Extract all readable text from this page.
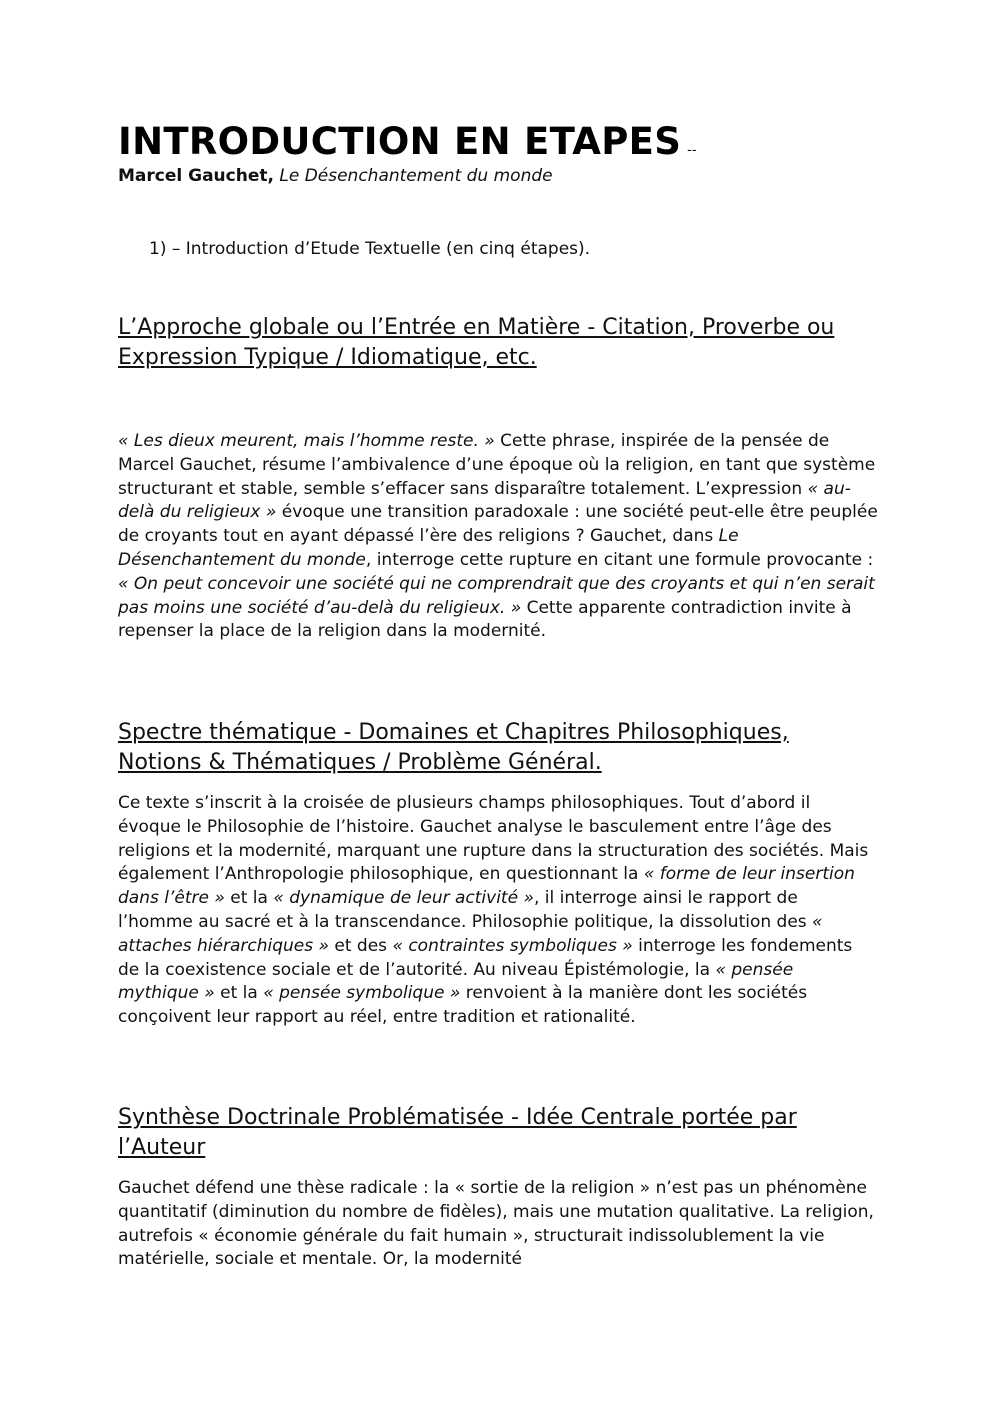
INTRODUCTION EN ETAPES --
Marcel Gauchet, Le Désenchantement du monde
1) – Introduction d’Etude Textuelle (en cinq étapes).
L’Approche globale ou l’Entrée en Matière - Citation, Proverbe ou Expression Typique / Idiomatique, etc.
« Les dieux meurent, mais l’homme reste. » Cette phrase, inspirée de la pensée de Marcel Gauchet, résume l’ambivalence d’une époque où la religion, en tant que système structurant et stable, semble s’effacer sans disparaître totalement. L’expression « au-delà du religieux » évoque une transition paradoxale : une société peut-elle être peuplée de croyants tout en ayant dépassé l’ère des religions ? Gauchet, dans Le Désenchantement du monde, interroge cette rupture en citant une formule provocante : « On peut concevoir une société qui ne comprendrait que des croyants et qui n’en serait pas moins une société d’au-delà du religieux. » Cette apparente contradiction invite à repenser la place de la religion dans la modernité.
Spectre thématique - Domaines et Chapitres Philosophiques, Notions & Thématiques / Problème Général.
Ce texte s’inscrit à la croisée de plusieurs champs philosophiques. Tout d’abord il évoque le Philosophie de l’histoire. Gauchet analyse le basculement entre l’âge des religions et la modernité, marquant une rupture dans la structuration des sociétés. Mais également l’Anthropologie philosophique, en questionnant la « forme de leur insertion dans l’être » et la « dynamique de leur activité », il interroge ainsi le rapport de l’homme au sacré et à la transcendance. Philosophie politique, la dissolution des « attaches hiérarchiques » et des « contraintes symboliques » interroge les fondements de la coexistence sociale et de l’autorité. Au niveau Épistémologie, la « pensée mythique » et la « pensée symbolique » renvoient à la manière dont les sociétés conçoivent leur rapport au réel, entre tradition et rationalité.
Synthèse Doctrinale Problématisée - Idée Centrale portée par l’Auteur
Gauchet défend une thèse radicale : la « sortie de la religion » n’est pas un phénomène quantitatif (diminution du nombre de fidèles), mais une mutation qualitative. La religion, autrefois « économie générale du fait humain », structurait indissolublement la vie matérielle, sociale et mentale. Or, la modernité
